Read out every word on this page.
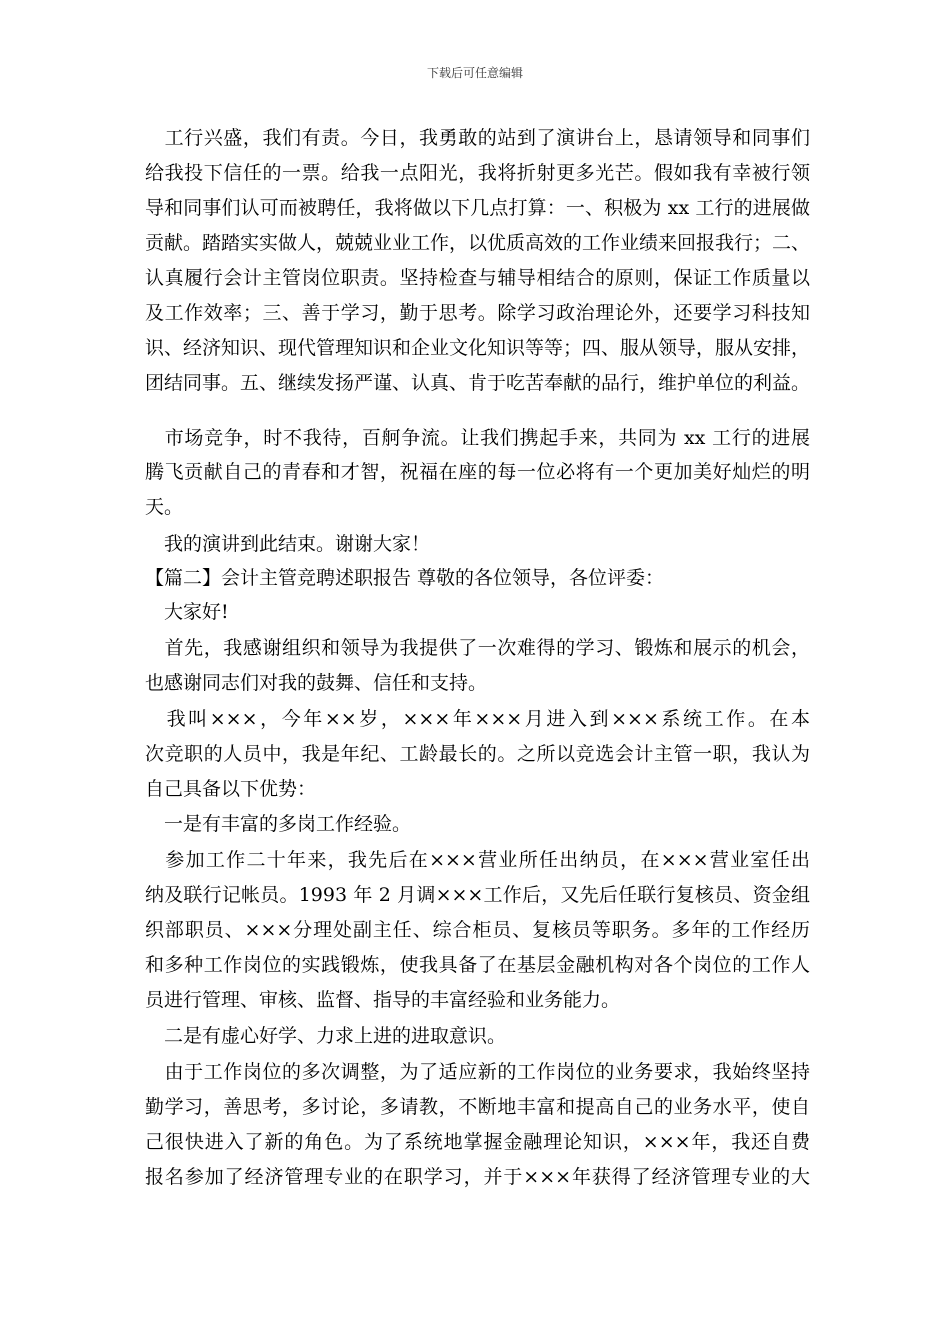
下载后可任意编辑
　工行兴盛，我们有责。今日，我勇敢的站到了演讲台上，恳请领导和同事们
给我投下信任的一票。给我一点阳光，我将折射更多光芒。假如我有幸被行领
导和同事们认可而被聘任，我将做以下几点打算：一、积极为 xx 工行的进展做
贡献。踏踏实实做人，兢兢业业工作，以优质高效的工作业绩来回报我行；二、
认真履行会计主管岗位职责。坚持检查与辅导相结合的原则，保证工作质量以
及工作效率；三、善于学习，勤于思考。除学习政治理论外，还要学习科技知
识、经济知识、现代管理知识和企业文化知识等等；四、服从领导，服从安排，
团结同事。五、继续发扬严谨、认真、肯于吃苦奉献的品行，维护单位的利益。
　市场竞争，时不我待，百舸争流。让我们携起手来，共同为 xx 工行的进展
腾飞贡献自己的青春和才智，祝福在座的每一位必将有一个更加美好灿烂的明
天。
　我的演讲到此结束。谢谢大家！
【篇二】会计主管竞聘述职报告 尊敬的各位领导，各位评委：
　大家好!
　首先，我感谢组织和领导为我提供了一次难得的学习、锻炼和展示的机会，
也感谢同志们对我的鼓舞、信任和支持。
　我叫×××，今年××岁，×××年×××月进入到×××系统工作。在本
次竞职的人员中，我是年纪、工龄最长的。之所以竞选会计主管一职，我认为
自己具备以下优势：
　一是有丰富的多岗工作经验。
　参加工作二十年来，我先后在×××营业所任出纳员，在×××营业室任出
纳及联行记帐员。1993 年 2 月调×××工作后，又先后任联行复核员、资金组
织部职员、×××分理处副主任、综合柜员、复核员等职务。多年的工作经历
和多种工作岗位的实践锻炼，使我具备了在基层金融机构对各个岗位的工作人
员进行管理、审核、监督、指导的丰富经验和业务能力。
　二是有虚心好学、力求上进的进取意识。
　由于工作岗位的多次调整，为了适应新的工作岗位的业务要求，我始终坚持
勤学习，善思考，多讨论，多请教，不断地丰富和提高自己的业务水平，使自
己很快进入了新的角色。为了系统地掌握金融理论知识，×××年，我还自费
报名参加了经济管理专业的在职学习，并于×××年获得了经济管理专业的大
